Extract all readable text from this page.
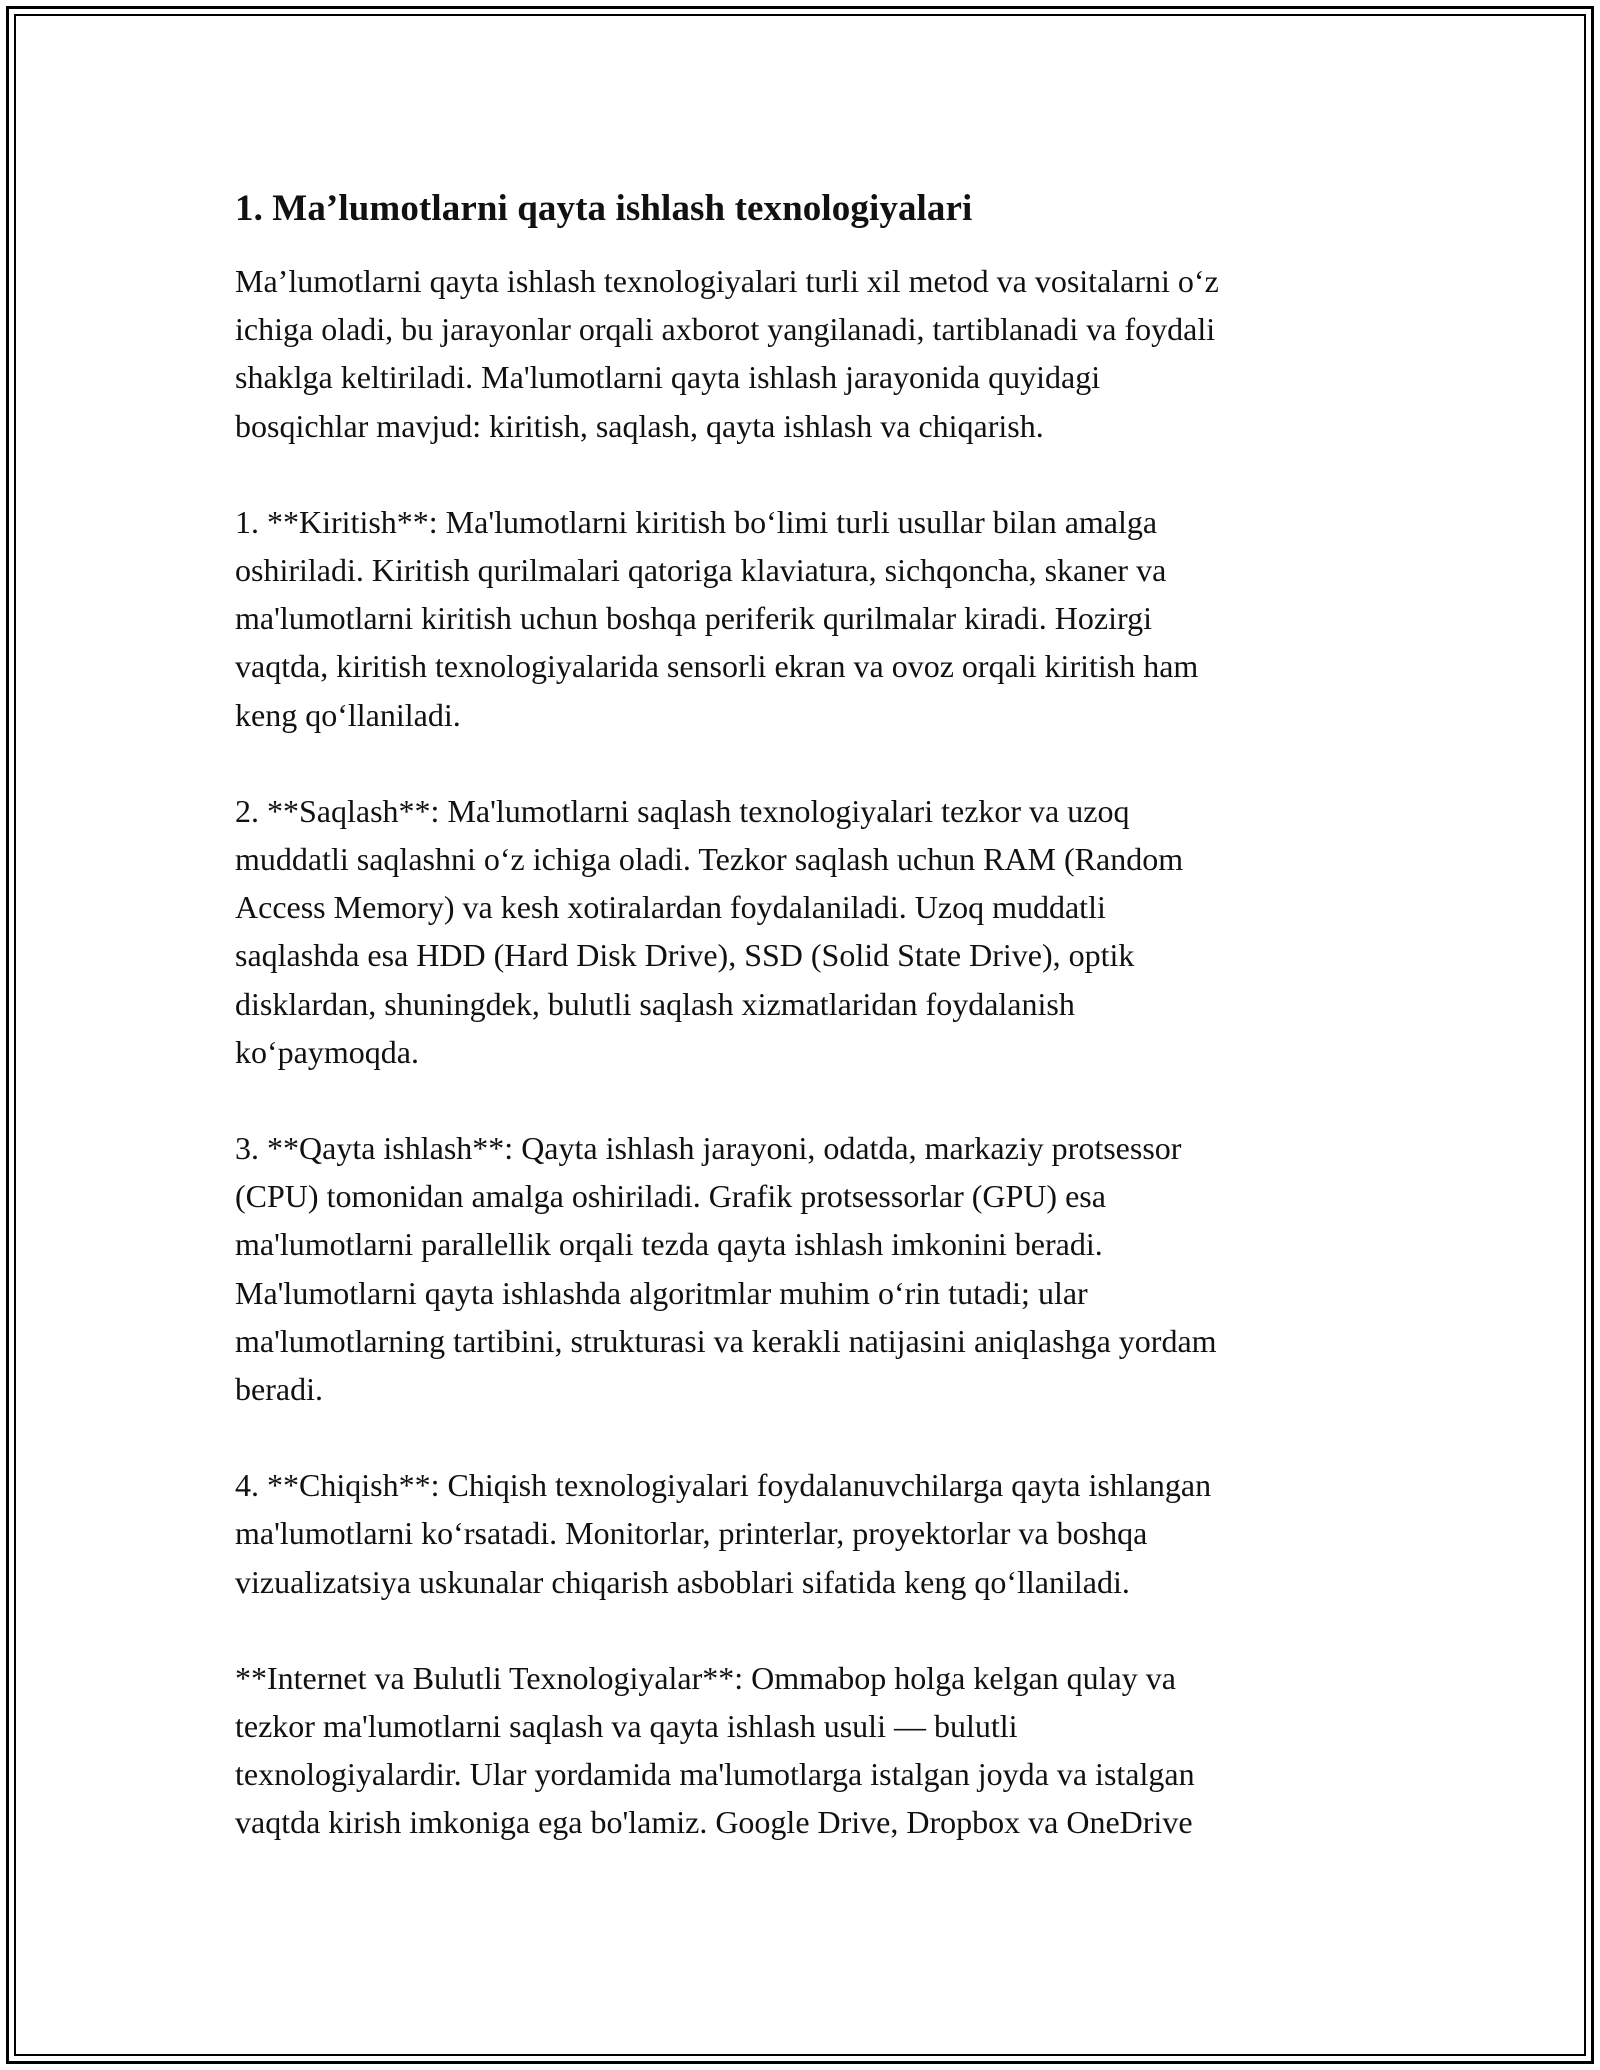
1. Ma’lumotlarni qayta ishlash texnologiyalari

Ma’lumotlarni qayta ishlash texnologiyalari turli xil metod va vositalarni o‘z
ichiga oladi, bu jarayonlar orqali axborot yangilanadi, tartiblanadi va foydali
shaklga keltiriladi. Ma'lumotlarni qayta ishlash jarayonida quyidagi
bosqichlar mavjud: kiritish, saqlash, qayta ishlash va chiqarish.

1. **Kiritish**: Ma'lumotlarni kiritish bo‘limi turli usullar bilan amalga
oshiriladi. Kiritish qurilmalari qatoriga klaviatura, sichqoncha, skaner va
ma'lumotlarni kiritish uchun boshqa periferik qurilmalar kiradi. Hozirgi
vaqtda, kiritish texnologiyalarida sensorli ekran va ovoz orqali kiritish ham
keng qo‘llaniladi.

2. **Saqlash**: Ma'lumotlarni saqlash texnologiyalari tezkor va uzoq
muddatli saqlashni o‘z ichiga oladi. Tezkor saqlash uchun RAM (Random
Access Memory) va kesh xotiralardan foydalaniladi. Uzoq muddatli
saqlashda esa HDD (Hard Disk Drive), SSD (Solid State Drive), optik
disklardan, shuningdek, bulutli saqlash xizmatlaridan foydalanish
ko‘paymoqda.

3. **Qayta ishlash**: Qayta ishlash jarayoni, odatda, markaziy protsessor
(CPU) tomonidan amalga oshiriladi. Grafik protsessorlar (GPU) esa
ma'lumotlarni parallellik orqali tezda qayta ishlash imkonini beradi.
Ma'lumotlarni qayta ishlashda algoritmlar muhim o‘rin tutadi; ular
ma'lumotlarning tartibini, strukturasi va kerakli natijasini aniqlashga yordam
beradi.

4. **Chiqish**: Chiqish texnologiyalari foydalanuvchilarga qayta ishlangan
ma'lumotlarni ko‘rsatadi. Monitorlar, printerlar, proyektorlar va boshqa
vizualizatsiya uskunalar chiqarish asboblari sifatida keng qo‘llaniladi.

**Internet va Bulutli Texnologiyalar**: Ommabop holga kelgan qulay va
tezkor ma'lumotlarni saqlash va qayta ishlash usuli — bulutli
texnologiyalardir. Ular yordamida ma'lumotlarga istalgan joyda va istalgan
vaqtda kirish imkoniga ega bo'lamiz. Google Drive, Dropbox va OneDrive
